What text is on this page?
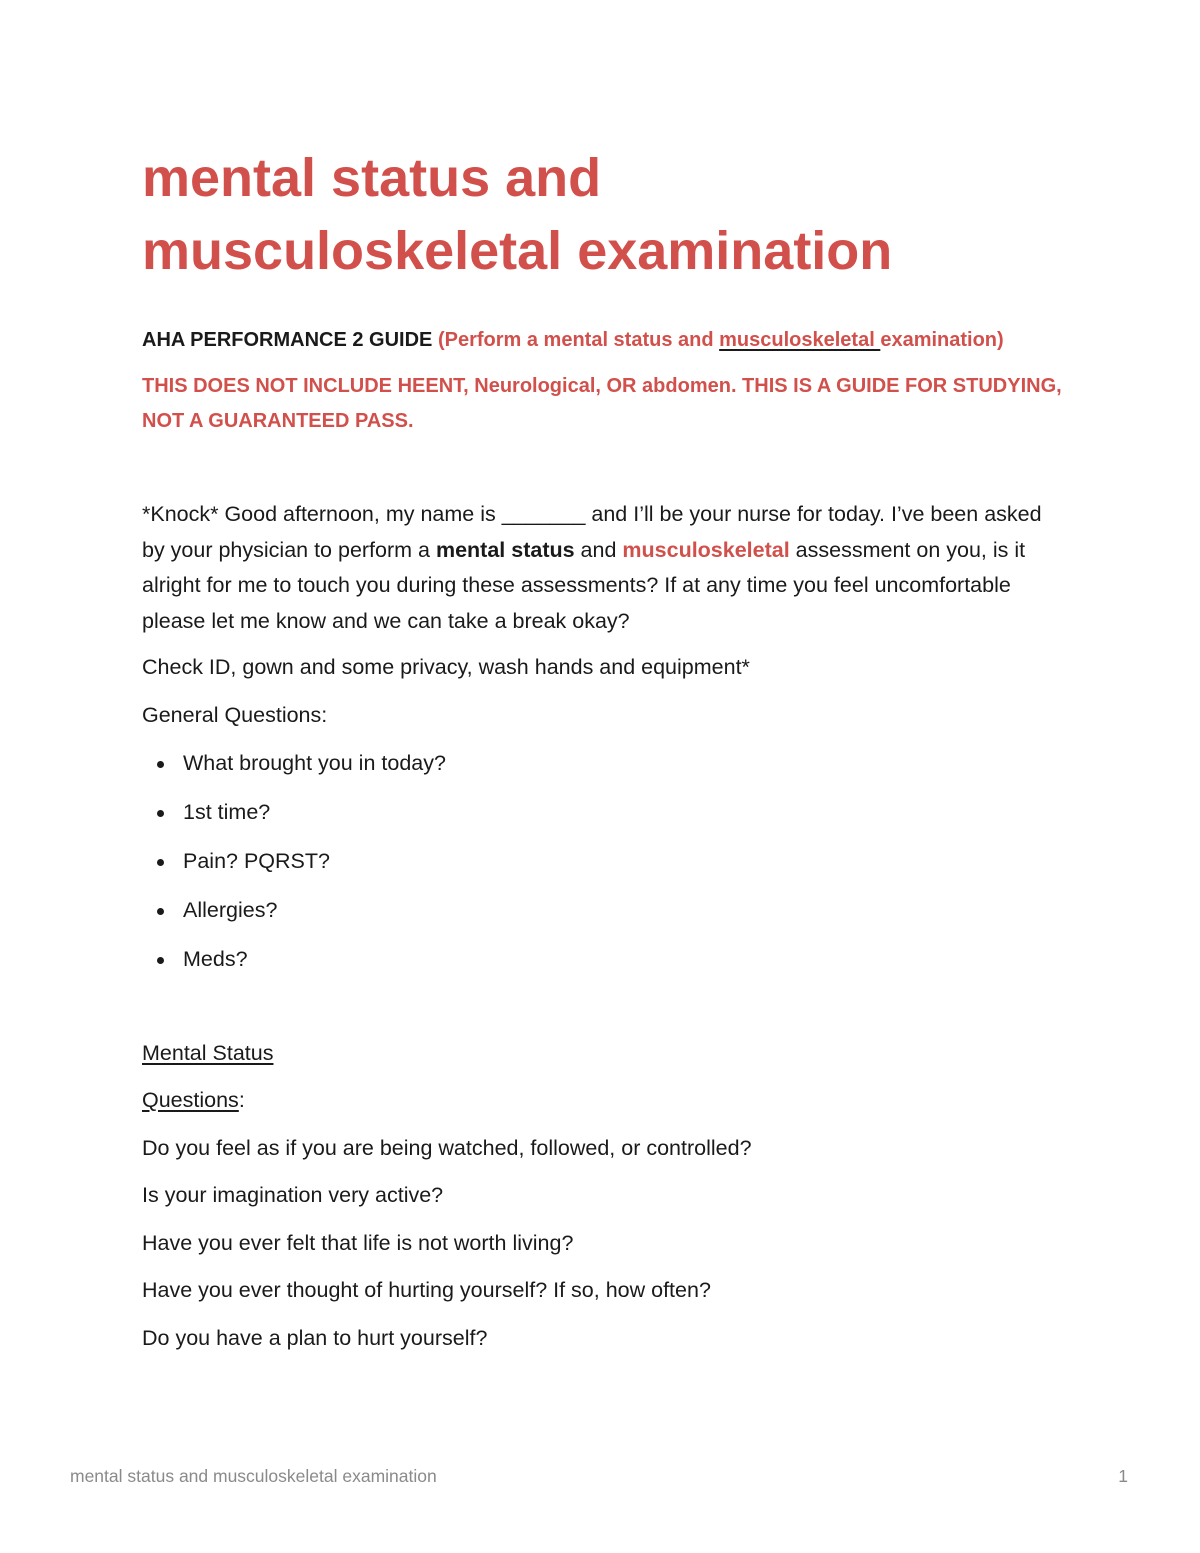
mental status and
musculoskeletal examination

AHA PERFORMANCE 2 GUIDE (Perform a mental status and musculoskeletal examination)

THIS DOES NOT INCLUDE HEENT, Neurological, OR abdomen. THIS IS A GUIDE FOR STUDYING, NOT A GUARANTEED PASS.

*Knock* Good afternoon, my name is _______ and I’ll be your nurse for today. I’ve been asked by your physician to perform a mental status and musculoskeletal assessment on you, is it alright for me to touch you during these assessments? If at any time you feel uncomfortable please let me know and we can take a break okay?

Check ID, gown and some privacy, wash hands and equipment*

General Questions:

What brought you in today?
1st time?
Pain? PQRST?
Allergies?
Meds?

Mental Status

Questions:

Do you feel as if you are being watched, followed, or controlled?

Is your imagination very active?

Have you ever felt that life is not worth living?

Have you ever thought of hurting yourself? If so, how often?

Do you have a plan to hurt yourself?

mental status and musculoskeletal examination	1
